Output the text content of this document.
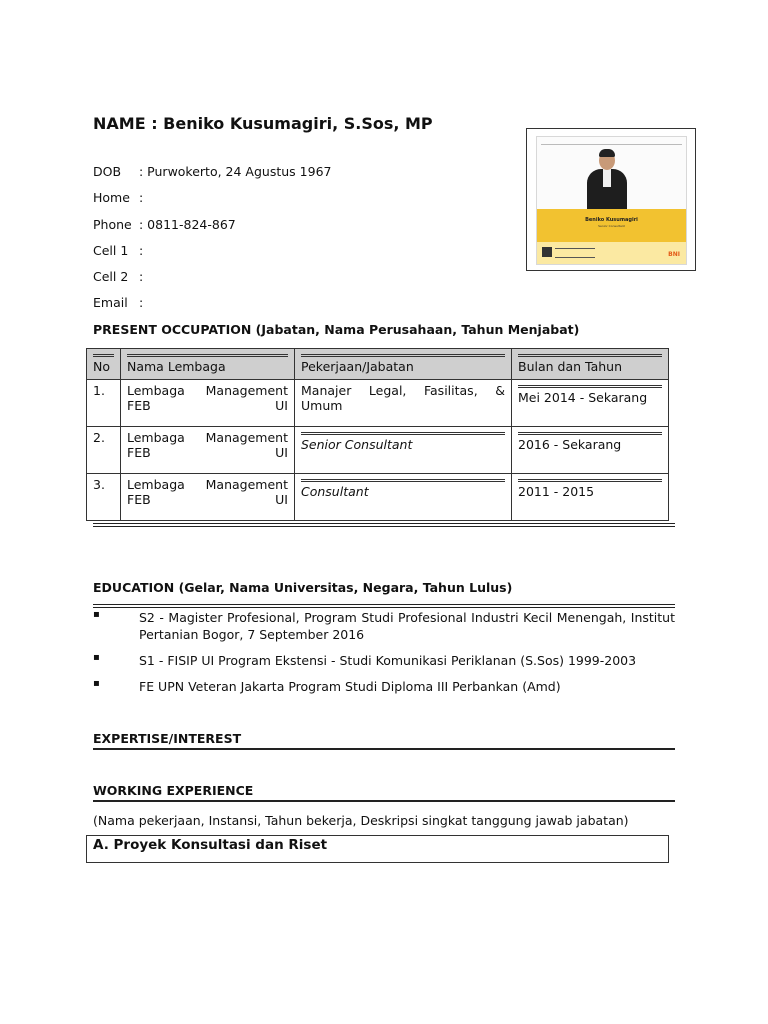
NAME : Beniko Kusumagiri, S.Sos, MP
DOB : Purwokerto, 24 Agustus 1967
Home :
Phone : 0811-824-867
Cell 1 :
Cell 2 :
Email :
Beniko Kusumagiri
Senior Consultant
BNI
PRESENT OCCUPATION (Jabatan, Nama Perusahaan, Tahun Menjabat)
No	Nama Lembaga	Pekerjaan/Jabatan	Bulan dan Tahun

1.	Lembaga Management FEB UI	Manajer Legal, Fasilitas, & Umum	Mei 2014 - Sekarang

2.	Lembaga Management FEB UI	Senior Consultant	2016 - Sekarang

3.	Lembaga Management FEB UI	Consultant	2011 - 2015
EDUCATION (Gelar, Nama Universitas, Negara, Tahun Lulus)
▪	S2 - Magister Profesional, Program Studi Profesional Industri Kecil Menengah, Institut Pertanian Bogor, 7 September 2016
▪	S1 - FISIP UI Program Ekstensi - Studi Komunikasi Periklanan (S.Sos) 1999-2003
▪	FE UPN Veteran Jakarta Program Studi Diploma III Perbankan (Amd)
EXPERTISE/INTEREST
WORKING EXPERIENCE
(Nama pekerjaan, Instansi, Tahun bekerja, Deskripsi singkat tanggung jawab jabatan)
A. Proyek Konsultasi dan Riset
